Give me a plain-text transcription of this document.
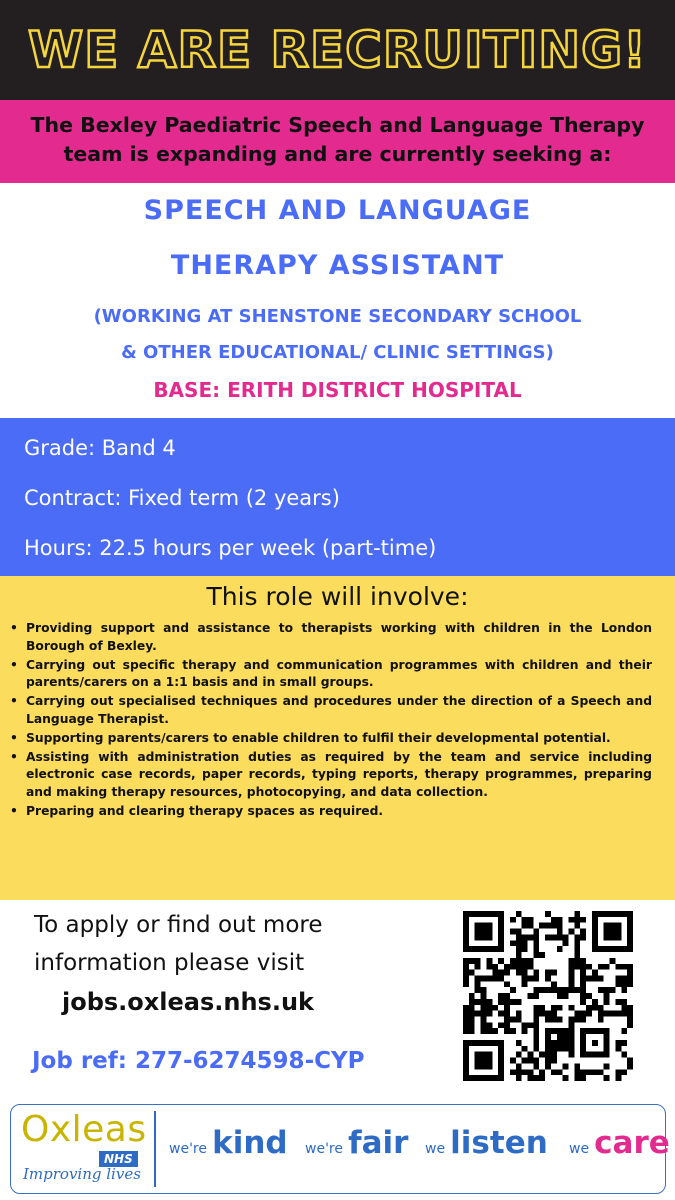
WE ARE RECRUITING!
The Bexley Paediatric Speech and Language Therapy team is expanding and are currently seeking a:
SPEECH AND LANGUAGE
THERAPY ASSISTANT
(WORKING AT SHENSTONE SECONDARY SCHOOL
& OTHER EDUCATIONAL/ CLINIC SETTINGS)
BASE: ERITH DISTRICT HOSPITAL
Grade: Band 4
Contract: Fixed term (2 years)
Hours: 22.5 hours per week (part-time)
This role will involve:
• Providing support and assistance to therapists working with children in the London Borough of Bexley.
• Carrying out specific therapy and communication programmes with children and their parents/carers on a 1:1 basis and in small groups.
• Carrying out specialised techniques and procedures under the direction of a Speech and Language Therapist.
• Supporting parents/carers to enable children to fulfil their developmental potential.
• Assisting with administration duties as required by the team and service including electronic case records, paper records, typing reports, therapy programmes, preparing and making therapy resources, photocopying, and data collection.
• Preparing and clearing therapy spaces as required.
To apply or find out more
information please visit
jobs.oxleas.nhs.uk
Job ref: 277-6274598-CYP
Oxleas
NHS
Improving lives
we're kind we're fair we listen we care
